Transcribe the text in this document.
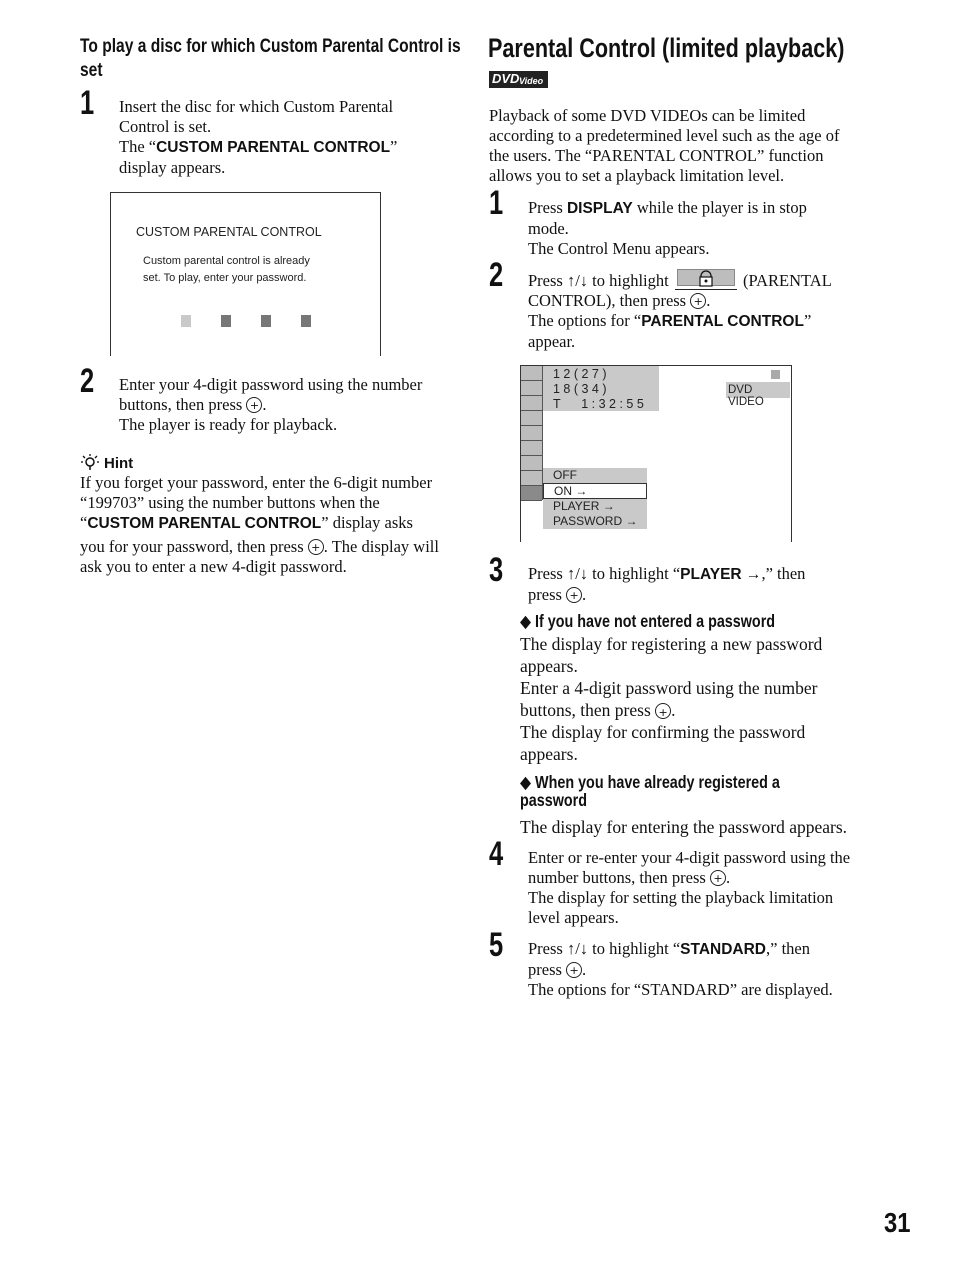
To play a disc for which Custom Parental Control is set
1 Insert the disc for which Custom Parental Control is set.
The “CUSTOM PARENTAL CONTROL”
display appears.
CUSTOM PARENTAL CONTROL
Custom parental control is already
set. To play, enter your password.
2 Enter your 4-digit password using the number
buttons, then press + .
The player is ready for playback.
Hint
If you forget your password, enter the 6-digit number
“199703” using the number buttons when the
“CUSTOM PARENTAL CONTROL” display asks
you for your password, then press + . The display will
ask you to enter a new 4-digit password.
Parental Control (limited playback)
DVD Video
Playback of some DVD VIDEOs can be limited
according to a predetermined level such as the age of
the users. The “PARENTAL CONTROL” function
allows you to set a playback limitation level.
1 Press DISPLAY while the player is in stop
mode.
The Control Menu appears.
2 Press ↑/↓ to highlight	(PARENTAL
CONTROL), then press + .
The options for “PARENTAL CONTROL”
appear.
1 2 ( 2 7 )
1 8 ( 3 4 )
T      1 : 3 2 : 5 5
DVD VIDEO
OFF
ON →
PLAYER →
PASSWORD →
3 Press ↑/↓ to highlight “PLAYER →,” then
press + .
◆ If you have not entered a password
The display for registering a new password
appears.
Enter a 4-digit password using the number
buttons, then press + .
The display for confirming the password
appears.
◆ When you have already registered a
password
The display for entering the password appears.
4 Enter or re-enter your 4-digit password using the
number buttons, then press + .
The display for setting the playback limitation
level appears.
5 Press ↑/↓ to highlight “STANDARD,” then
press + .
The options for “STANDARD” are displayed.
31
